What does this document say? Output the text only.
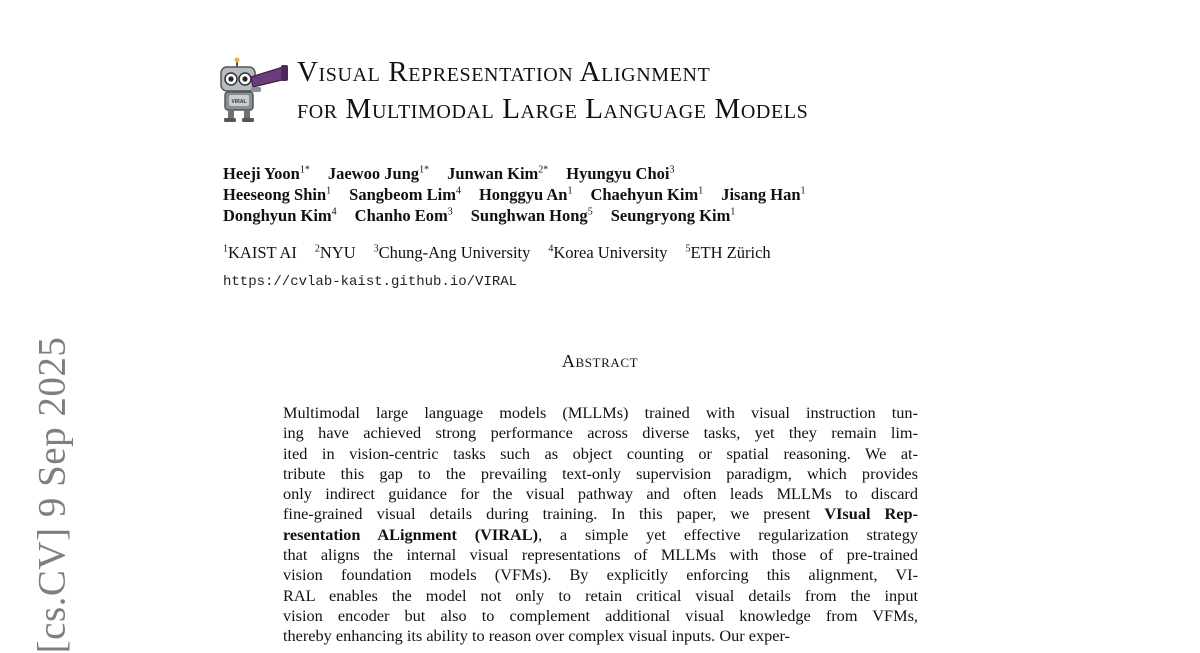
[cs.CV] 9 Sep 2025
VIRAL
Visual Representation Alignment
for Multimodal Large Language Models
Heeji Yoon$^{1*}$ Jaewoo Jung$^{1*}$ Junwan Kim$^{2*}$ Hyungyu Choi$^3$
Heeseong Shin$^1$ Sangbeom Lim$^4$ Honggyu An$^1$ Chaehyun Kim$^1$ Jisang Han$^1$
Donghyun Kim$^4$ Chanho Eom$^3$ Sunghwan Hong$^5$ Seungryong Kim$^1$
$^1$KAIST AI $^2$NYU $^3$Chung-Ang University $^4$Korea University $^5$ETH Zürich
https://cvlab-kaist.github.io/VIRAL
Abstract
Multimodal large language models (MLLMs) trained with visual instruction tun-
ing have achieved strong performance across diverse tasks, yet they remain lim-
ited in vision-centric tasks such as object counting or spatial reasoning. We at-
tribute this gap to the prevailing text-only supervision paradigm, which provides
only indirect guidance for the visual pathway and often leads MLLMs to discard
fine-grained visual details during training. In this paper, we present VIsual Rep-
resentation ALignment (VIRAL), a simple yet effective regularization strategy
that aligns the internal visual representations of MLLMs with those of pre-trained
vision foundation models (VFMs). By explicitly enforcing this alignment, VI-
RAL enables the model not only to retain critical visual details from the input
vision encoder but also to complement additional visual knowledge from VFMs,
thereby enhancing its ability to reason over complex visual inputs. Our exper-
